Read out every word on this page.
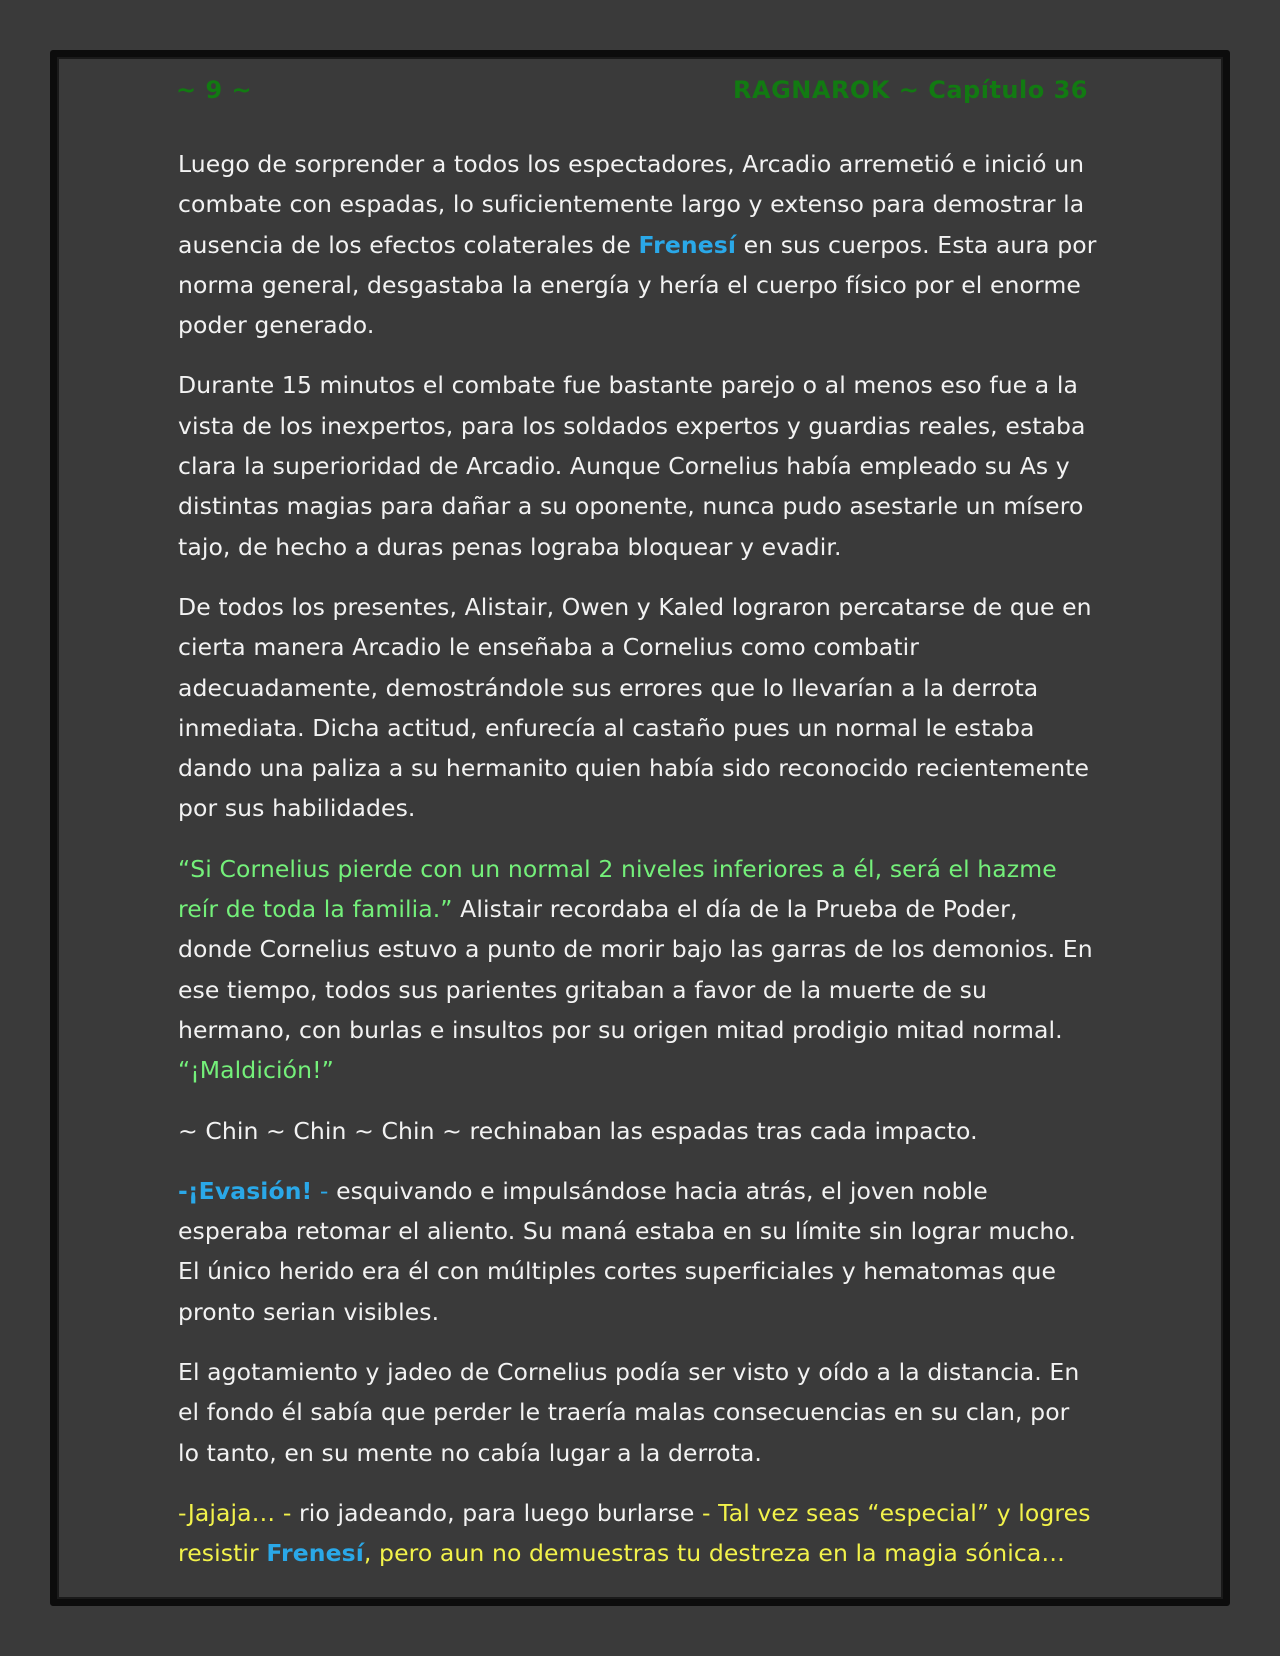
~ 9 ~	RAGNAROK ~ Capítulo 36

Luego de sorprender a todos los espectadores, Arcadio arremetió e inició un combate con espadas, lo suficientemente largo y extenso para demostrar la ausencia de los efectos colaterales de Frenesí en sus cuerpos. Esta aura por norma general, desgastaba la energía y hería el cuerpo físico por el enorme poder generado.

Durante 15 minutos el combate fue bastante parejo o al menos eso fue a la vista de los inexpertos, para los soldados expertos y guardias reales, estaba clara la superioridad de Arcadio. Aunque Cornelius había empleado su As y distintas magias para dañar a su oponente, nunca pudo asestarle un mísero tajo, de hecho a duras penas lograba bloquear y evadir.

De todos los presentes, Alistair, Owen y Kaled lograron percatarse de que en cierta manera Arcadio le enseñaba a Cornelius como combatir adecuadamente, demostrándole sus errores que lo llevarían a la derrota inmediata. Dicha actitud, enfurecía al castaño pues un normal le estaba dando una paliza a su hermanito quien había sido reconocido recientemente por sus habilidades.

“Si Cornelius pierde con un normal 2 niveles inferiores a él, será el hazme reír de toda la familia.” Alistair recordaba el día de la Prueba de Poder, donde Cornelius estuvo a punto de morir bajo las garras de los demonios. En ese tiempo, todos sus parientes gritaban a favor de la muerte de su hermano, con burlas e insultos por su origen mitad prodigio mitad normal. “¡Maldición!”

~ Chin ~ Chin ~ Chin ~ rechinaban las espadas tras cada impacto.

-¡Evasión! - esquivando e impulsándose hacia atrás, el joven noble esperaba retomar el aliento. Su maná estaba en su límite sin lograr mucho. El único herido era él con múltiples cortes superficiales y hematomas que pronto serian visibles.

El agotamiento y jadeo de Cornelius podía ser visto y oído a la distancia. En el fondo él sabía que perder le traería malas consecuencias en su clan, por lo tanto, en su mente no cabía lugar a la derrota.

-Jajaja… - rio jadeando, para luego burlarse - Tal vez seas “especial” y logres resistir Frenesí, pero aun no demuestras tu destreza en la magia sónica…
